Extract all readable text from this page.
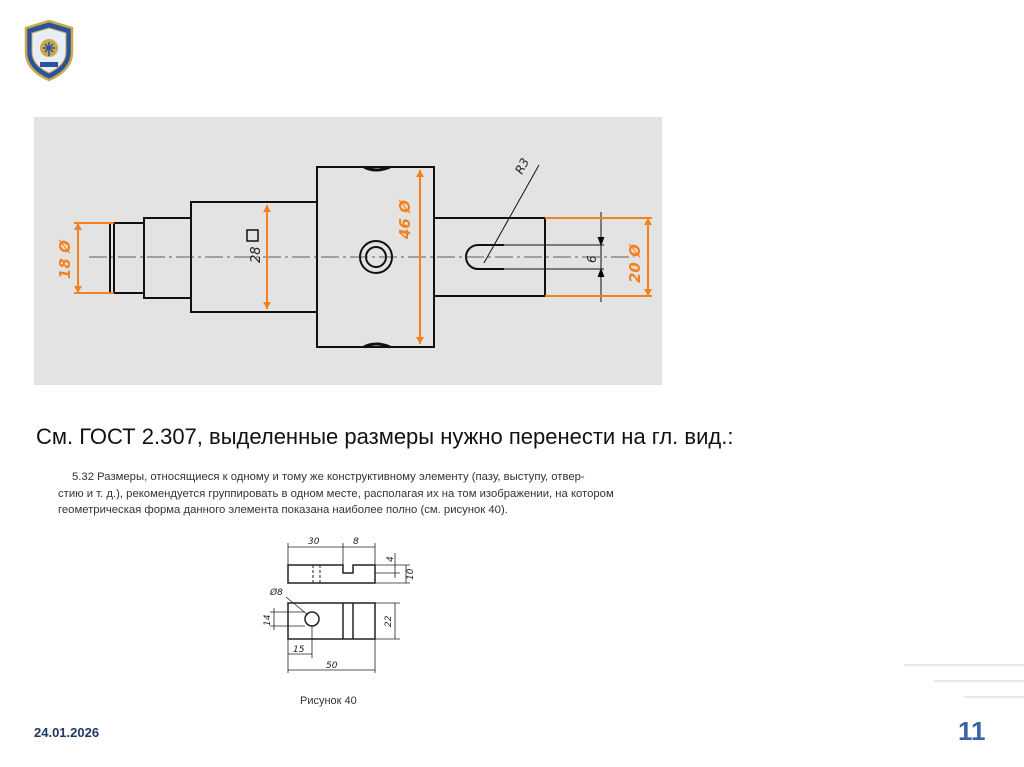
18 Ø
46 Ø
20 Ø
28	6
R3
См. ГОСТ 2.307, выделенные размеры нужно перенести на гл. вид.:
5.32 Размеры, относящиеся к одному и тому же конструктивному элементу (пазу, выступу, отвер-
стию и т. д.), рекомендуется группировать в одном месте, располагая их на том изображении, на котором
геометрическая форма данного элемента показана наиболее полно (см. рисунок 40).
30	8
4
10
Ø8
14	22
15
50
Рисунок 40
24.01.2026	11
